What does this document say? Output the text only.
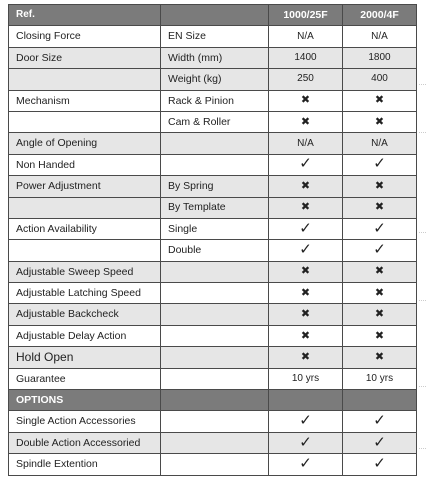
Ref.		1000/25F	2000/4F
Closing Force	EN Size	N/A	N/A
Door Size	Width (mm)	1400	1800
	Weight (kg)	250	400
Mechanism	Rack & Pinion	✖	✖
	Cam & Roller	✖	✖
Angle of Opening		N/A	N/A
Non Handed		✓	✓
Power Adjustment	By Spring	✖	✖
	By Template	✖	✖
Action Availability	Single	✓	✓
	Double	✓	✓
Adjustable Sweep Speed		✖	✖
Adjustable Latching Speed		✖	✖
Adjustable Backcheck		✖	✖
Adjustable Delay Action		✖	✖
Hold Open		✖	✖
Guarantee		10 yrs	10 yrs
OPTIONS			
Single Action Accessories		✓	✓
Double Action Accessoried		✓	✓
Spindle Extention		✓	✓
